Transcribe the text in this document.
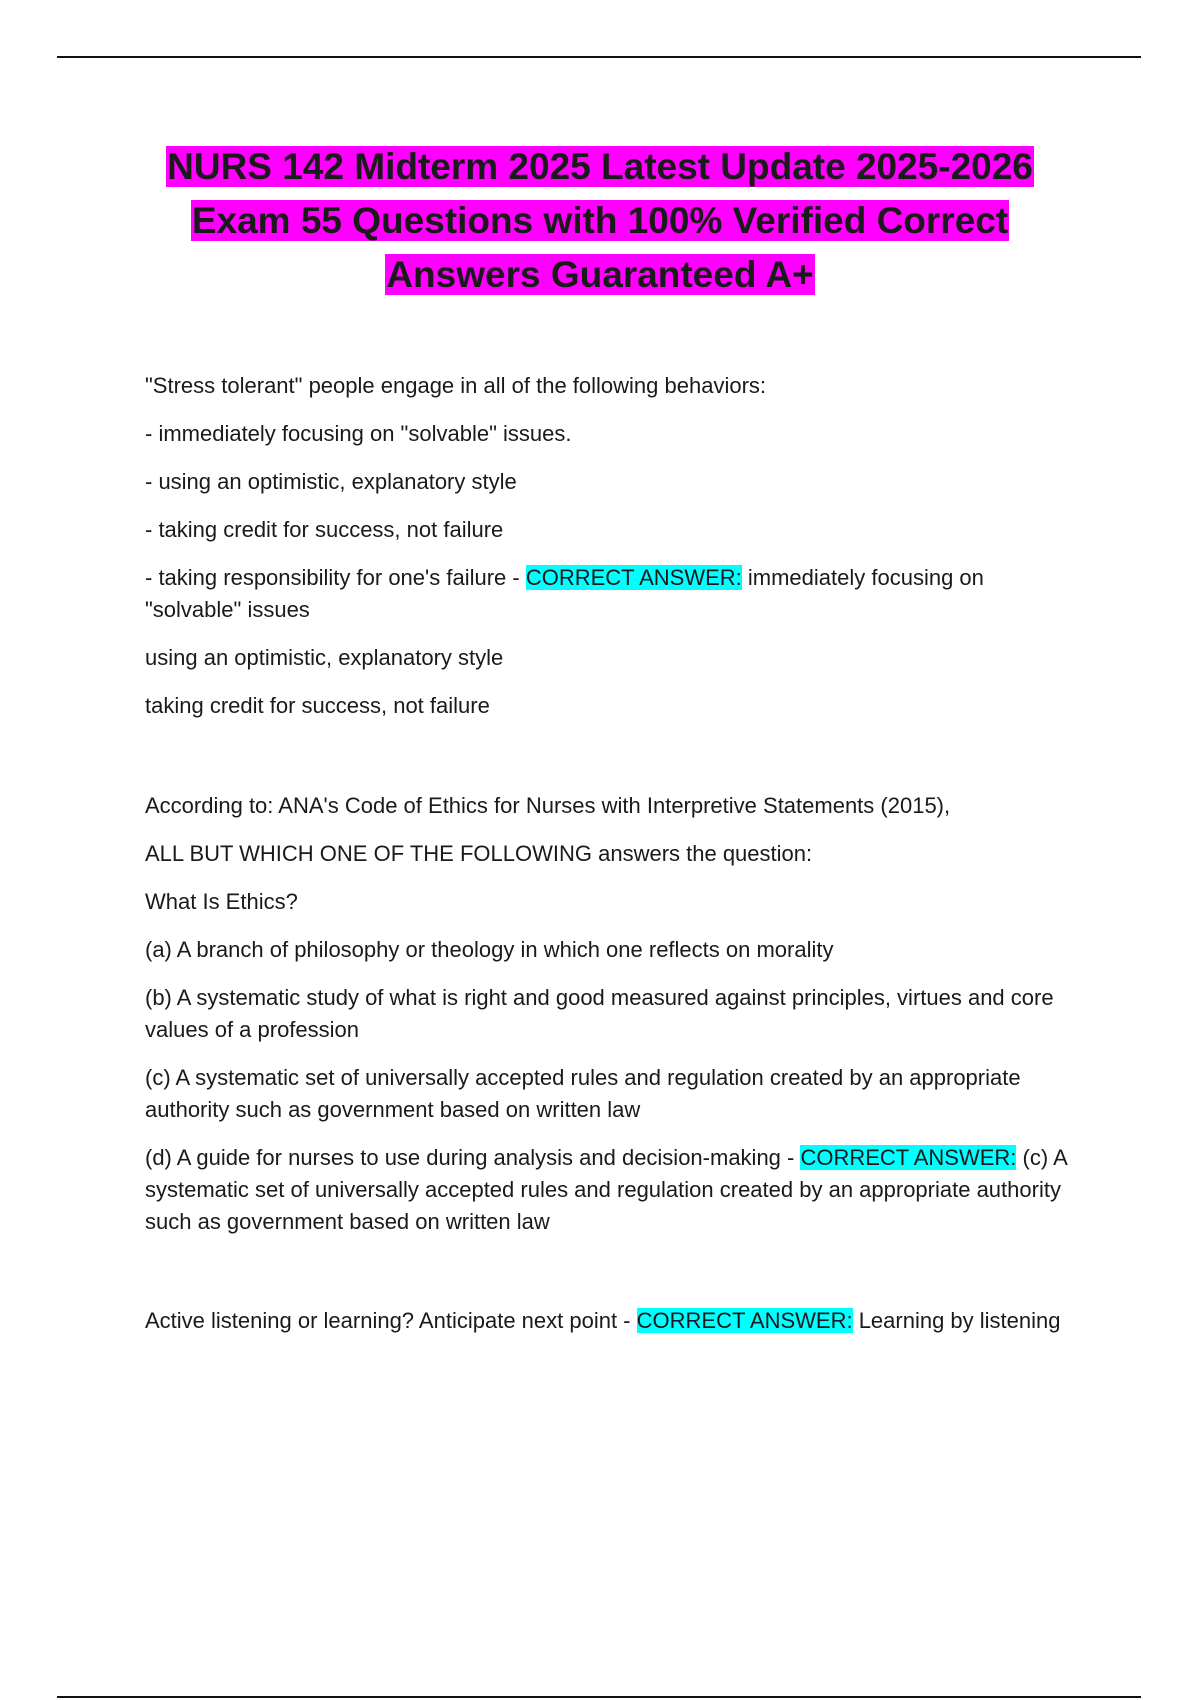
NURS 142 Midterm 2025 Latest Update 2025-2026
Exam 55 Questions with 100% Verified Correct
Answers Guaranteed A+

"Stress tolerant" people engage in all of the following behaviors:

- immediately focusing on "solvable" issues.

- using an optimistic, explanatory style

- taking credit for success, not failure

- taking responsibility for one's failure - CORRECT ANSWER: immediately focusing on "solvable" issues

using an optimistic, explanatory style

taking credit for success, not failure

According to: ANA's Code of Ethics for Nurses with Interpretive Statements (2015),

ALL BUT WHICH ONE OF THE FOLLOWING answers the question:

What Is Ethics?

(a) A branch of philosophy or theology in which one reflects on morality

(b) A systematic study of what is right and good measured against principles, virtues and core values of a profession

(c) A systematic set of universally accepted rules and regulation created by an appropriate authority such as government based on written law

(d) A guide for nurses to use during analysis and decision-making - CORRECT ANSWER: (c) A systematic set of universally accepted rules and regulation created by an appropriate authority such as government based on written law

Active listening or learning? Anticipate next point - CORRECT ANSWER: Learning by listening
